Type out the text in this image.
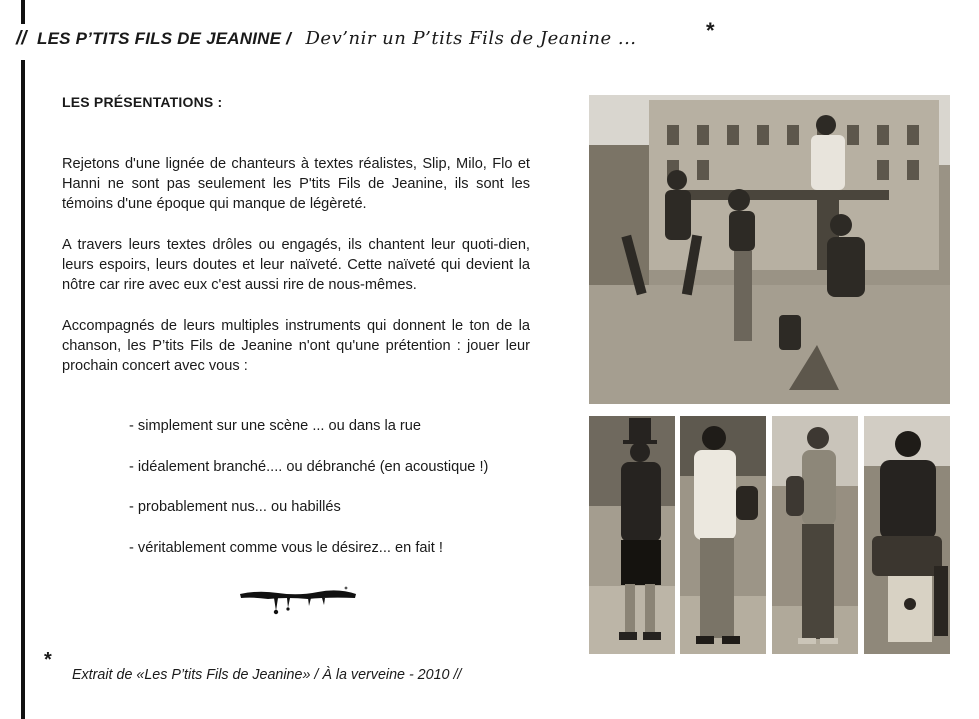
// LES P’TITS FILS DE JEANINE / Dev’nir un P’tits Fils de Jeanine ...	*
LES PRÉSENTATIONS :
Rejetons d'une lignée de chanteurs à textes réalistes, Slip, Milo, Flo et Hanni ne sont pas seulement les P'tits Fils de Jeanine, ils sont les témoins d'une époque qui manque de légèreté.
A travers leurs textes drôles ou engagés, ils chantent leur quoti-dien, leurs espoirs, leurs doutes et leur naïveté. Cette naïveté qui devient la nôtre car rire avec eux c'est aussi rire de nous-mêmes.
Accompagnés de leurs multiples instruments qui donnent le ton de la chanson, les P’tits Fils de Jeanine n'ont qu'une prétention : jouer leur prochain concert avec vous :
- simplement sur une scène ... ou dans la rue
- idéalement branché.... ou débranché (en acoustique !)
- probablement nus... ou habillés
- véritablement comme vous le désirez... en fait !
*
Extrait de «Les P’tits Fils de Jeanine» / À la verveine - 2010 //
